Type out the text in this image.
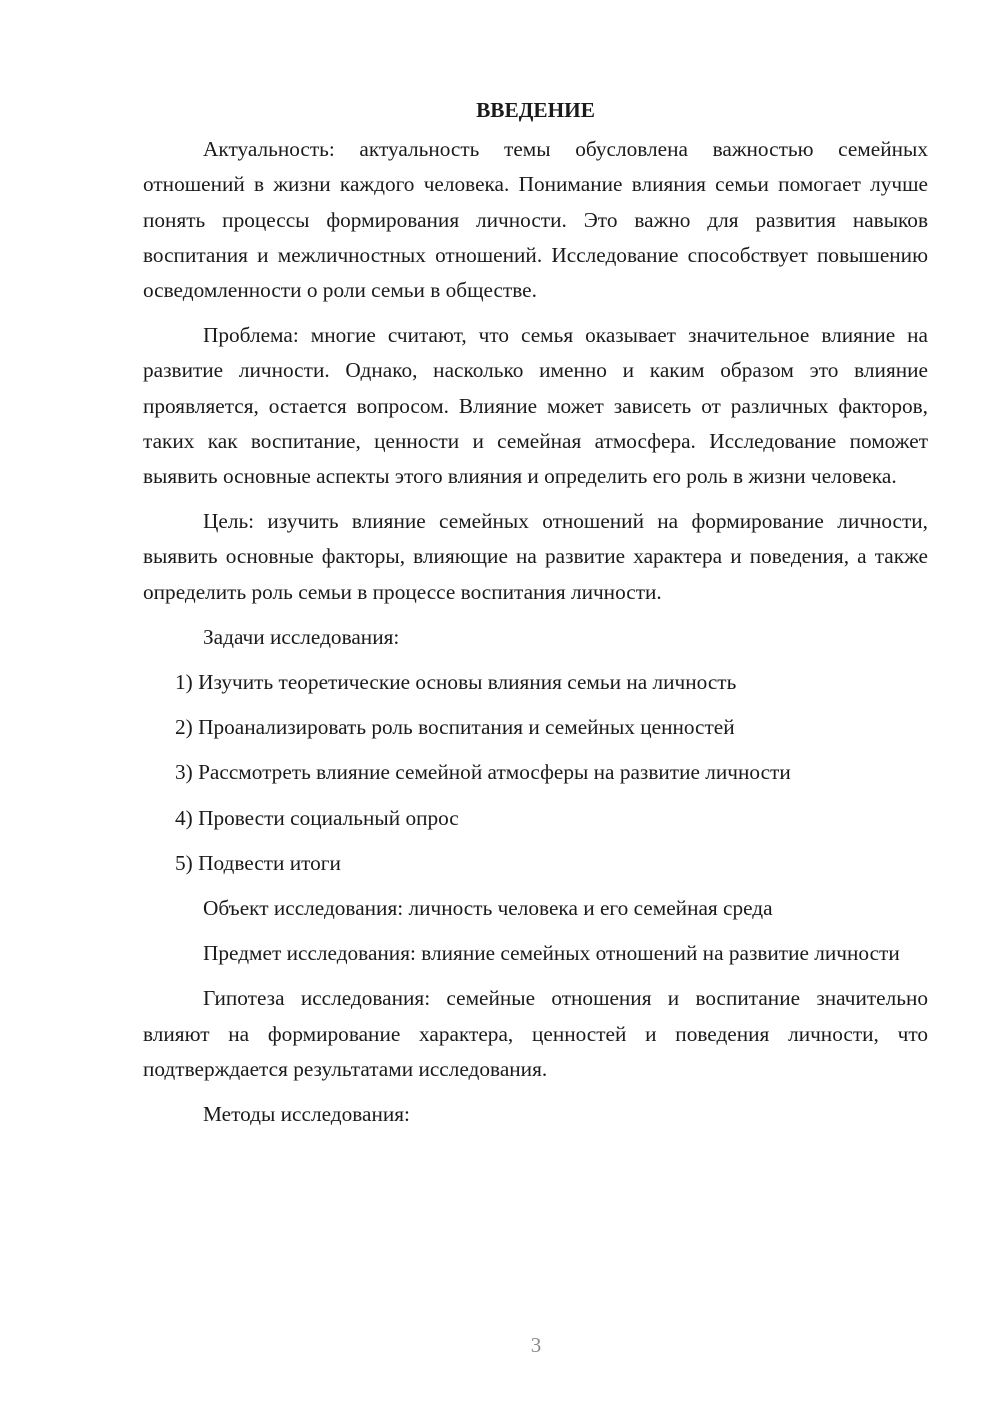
ВВЕДЕНИЕ

Актуальность: актуальность темы обусловлена важностью семейных отношений в жизни каждого человека. Понимание влияния семьи помогает лучше понять процессы формирования личности. Это важно для развития навыков воспитания и межличностных отношений. Исследование способствует повышению осведомленности о роли семьи в обществе.

Проблема: многие считают, что семья оказывает значительное влияние на развитие личности. Однако, насколько именно и каким образом это влияние проявляется, остается вопросом. Влияние может зависеть от различных факторов, таких как воспитание, ценности и семейная атмосфера. Исследование поможет выявить основные аспекты этого влияния и определить его роль в жизни человека.

Цель: изучить влияние семейных отношений на формирование личности, выявить основные факторы, влияющие на развитие характера и поведения, а также определить роль семьи в процессе воспитания личности.

Задачи исследования:

1) Изучить теоретические основы влияния семьи на личность
2) Проанализировать роль воспитания и семейных ценностей
3) Рассмотреть влияние семейной атмосферы на развитие личности
4) Провести социальный опрос
5) Подвести итоги

Объект исследования: личность человека и его семейная среда

Предмет исследования: влияние семейных отношений на развитие личности

Гипотеза исследования: семейные отношения и воспитание значительно влияют на формирование характера, ценностей и поведения личности, что подтверждается результатами исследования.

Методы исследования:

3
